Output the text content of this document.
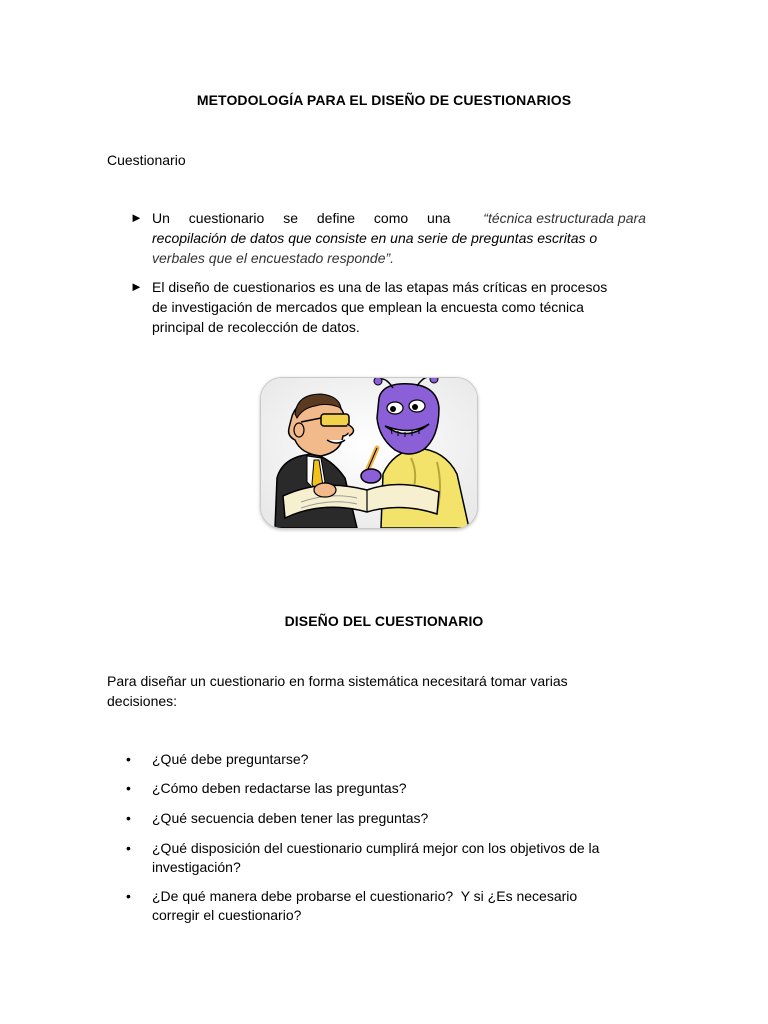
METODOLOGÍA PARA EL DISEÑO DE CUESTIONARIOS
Cuestionario
► Un cuestionario se define como una “técnica estructurada para
recopilación de datos que consiste en una serie de preguntas escritas o
verbales que el encuestado responde”.
► El diseño de cuestionarios es una de las etapas más críticas en procesos
de investigación de mercados que emplean la encuesta como técnica
principal de recolección de datos.
DISEÑO DEL CUESTIONARIO
Para diseñar un cuestionario en forma sistemática necesitará tomar varias
decisiones:
• ¿Qué debe preguntarse?
• ¿Cómo deben redactarse las preguntas?
• ¿Qué secuencia deben tener las preguntas?
• ¿Qué disposición del cuestionario cumplirá mejor con los objetivos de la
investigación?
• ¿De qué manera debe probarse el cuestionario?  Y si ¿Es necesario
corregir el cuestionario?
